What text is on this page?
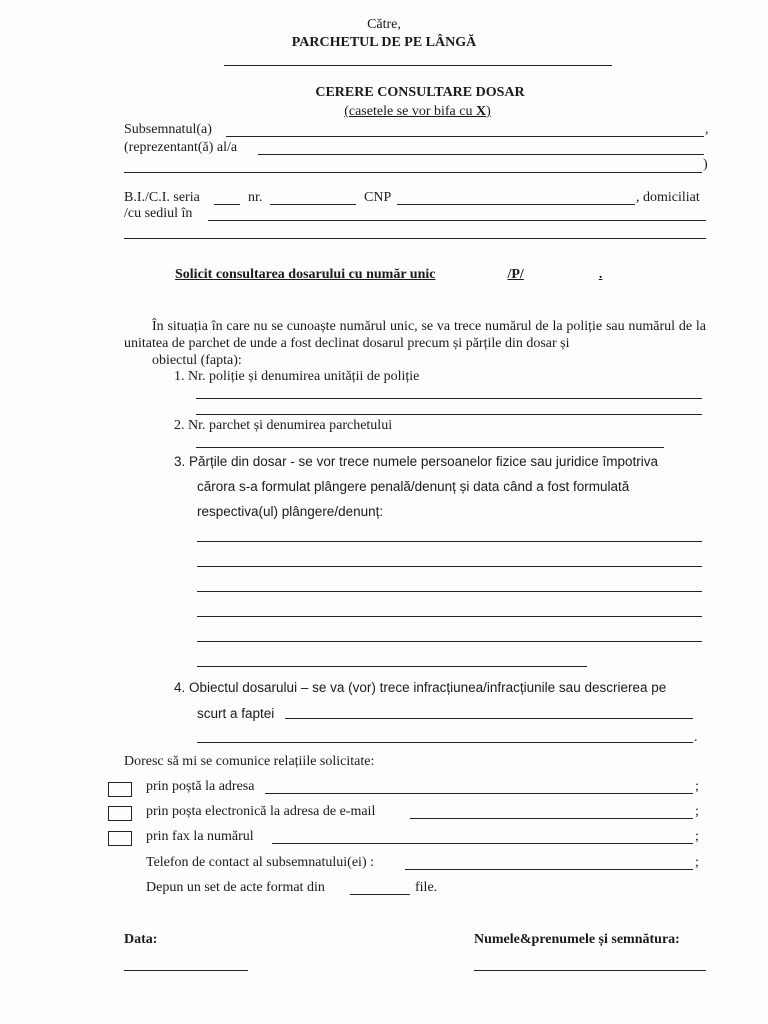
Către,
PARCHETUL DE PE LÂNGĂ
CERERE CONSULTARE DOSAR
(casetele se vor bifa cu X)
Subsemnatul(a)	,
(reprezentant(ă) al/a
)
B.I./C.I. seria	nr.	CNP	, domiciliat
/cu sediul în
Solicit consultarea dosarului cu număr unic	/P/	.
În situația în care nu se cunoaște numărul unic, se va trece numărul de la poliție sau numărul de la unitatea de parchet de unde a fost declinat dosarul precum și părțile din dosar și
obiectul (fapta):
1. Nr. poliție și denumirea unității de poliție
2. Nr. parchet și denumirea parchetului
3. Părțile din dosar - se vor trece numele persoanelor fizice sau juridice împotriva
cărora s-a formulat plângere penală/denunț și data când a fost formulată
respectiva(ul) plângere/denunț:
4. Obiectul dosarului – se va (vor) trece infracțiunea/infracțiunile sau descrierea pe
scurt a faptei
.
Doresc să mi se comunice relațiile solicitate:
prin poștă la adresa	;
prin poșta electronică la adresa de e-mail	;
prin fax la numărul	;
Telefon de contact al subsemnatului(ei) :	;
Depun un set de acte format din	file.
Data:	Numele&prenumele și semnătura:
